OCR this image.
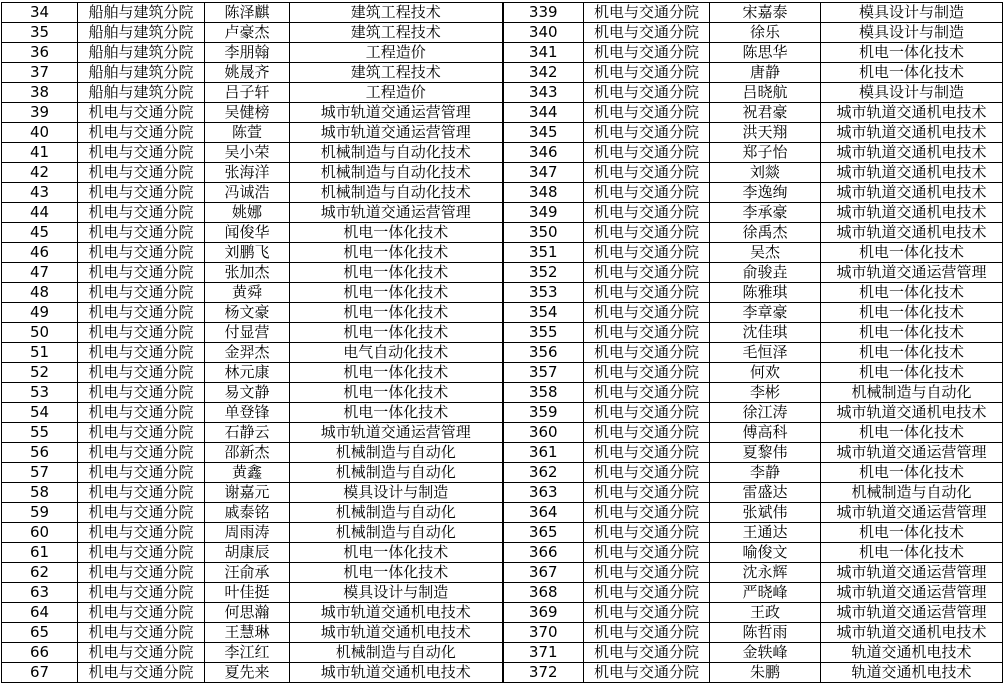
34	船舶与建筑分院	陈泽麒	建筑工程技术	339	机电与交通分院	宋嘉泰	模具设计与制造
35	船舶与建筑分院	卢豪杰	建筑工程技术	340	机电与交通分院	徐乐	模具设计与制造
36	船舶与建筑分院	李朋翰	工程造价	341	机电与交通分院	陈思华	机电一体化技术
37	船舶与建筑分院	姚晟齐	建筑工程技术	342	机电与交通分院	唐静	机电一体化技术
38	船舶与建筑分院	吕子轩	工程造价	343	机电与交通分院	吕晓航	模具设计与制造
39	机电与交通分院	吴健榜	城市轨道交通运营管理	344	机电与交通分院	祝君豪	城市轨道交通机电技术
40	机电与交通分院	陈萱	城市轨道交通运营管理	345	机电与交通分院	洪天翔	城市轨道交通机电技术
41	机电与交通分院	吴小荣	机械制造与自动化技术	346	机电与交通分院	郑子怡	城市轨道交通机电技术
42	机电与交通分院	张海洋	机械制造与自动化技术	347	机电与交通分院	刘燚	城市轨道交通机电技术
43	机电与交通分院	冯诚浩	机械制造与自动化技术	348	机电与交通分院	李逸绚	城市轨道交通机电技术
44	机电与交通分院	姚娜	城市轨道交通运营管理	349	机电与交通分院	李承豪	城市轨道交通机电技术
45	机电与交通分院	闻俊华	机电一体化技术	350	机电与交通分院	徐禹杰	城市轨道交通机电技术
46	机电与交通分院	刘鹏飞	机电一体化技术	351	机电与交通分院	吴杰	机电一体化技术
47	机电与交通分院	张加杰	机电一体化技术	352	机电与交通分院	俞骏垚	城市轨道交通运营管理
48	机电与交通分院	黄舜	机电一体化技术	353	机电与交通分院	陈雅琪	机电一体化技术
49	机电与交通分院	杨文豪	机电一体化技术	354	机电与交通分院	李章豪	机电一体化技术
50	机电与交通分院	付显营	机电一体化技术	355	机电与交通分院	沈佳琪	机电一体化技术
51	机电与交通分院	金羿杰	电气自动化技术	356	机电与交通分院	毛恒泽	机电一体化技术
52	机电与交通分院	林元康	机电一体化技术	357	机电与交通分院	何欢	机电一体化技术
53	机电与交通分院	易文静	机电一体化技术	358	机电与交通分院	李彬	机械制造与自动化
54	机电与交通分院	单登锋	机电一体化技术	359	机电与交通分院	徐江涛	城市轨道交通机电技术
55	机电与交通分院	石静云	城市轨道交通运营管理	360	机电与交通分院	傅高科	机电一体化技术
56	机电与交通分院	邵新杰	机械制造与自动化	361	机电与交通分院	夏黎伟	城市轨道交通运营管理
57	机电与交通分院	黄鑫	机械制造与自动化	362	机电与交通分院	李静	机电一体化技术
58	机电与交通分院	谢嘉元	模具设计与制造	363	机电与交通分院	雷盛达	机械制造与自动化
59	机电与交通分院	戚泰铭	机械制造与自动化	364	机电与交通分院	张斌伟	城市轨道交通运营管理
60	机电与交通分院	周雨涛	机械制造与自动化	365	机电与交通分院	王通达	机电一体化技术
61	机电与交通分院	胡康辰	机电一体化技术	366	机电与交通分院	喻俊文	机电一体化技术
62	机电与交通分院	汪俞承	机电一体化技术	367	机电与交通分院	沈永辉	城市轨道交通运营管理
63	机电与交通分院	叶佳挺	模具设计与制造	368	机电与交通分院	严晓峰	城市轨道交通运营管理
64	机电与交通分院	何思瀚	城市轨道交通机电技术	369	机电与交通分院	王政	城市轨道交通运营管理
65	机电与交通分院	王慧琳	城市轨道交通机电技术	370	机电与交通分院	陈哲雨	城市轨道交通机电技术
66	机电与交通分院	李江红	机械制造与自动化	371	机电与交通分院	金轶峰	轨道交通机电技术
67	机电与交通分院	夏先来	城市轨道交通机电技术	372	机电与交通分院	朱鹏	轨道交通机电技术
